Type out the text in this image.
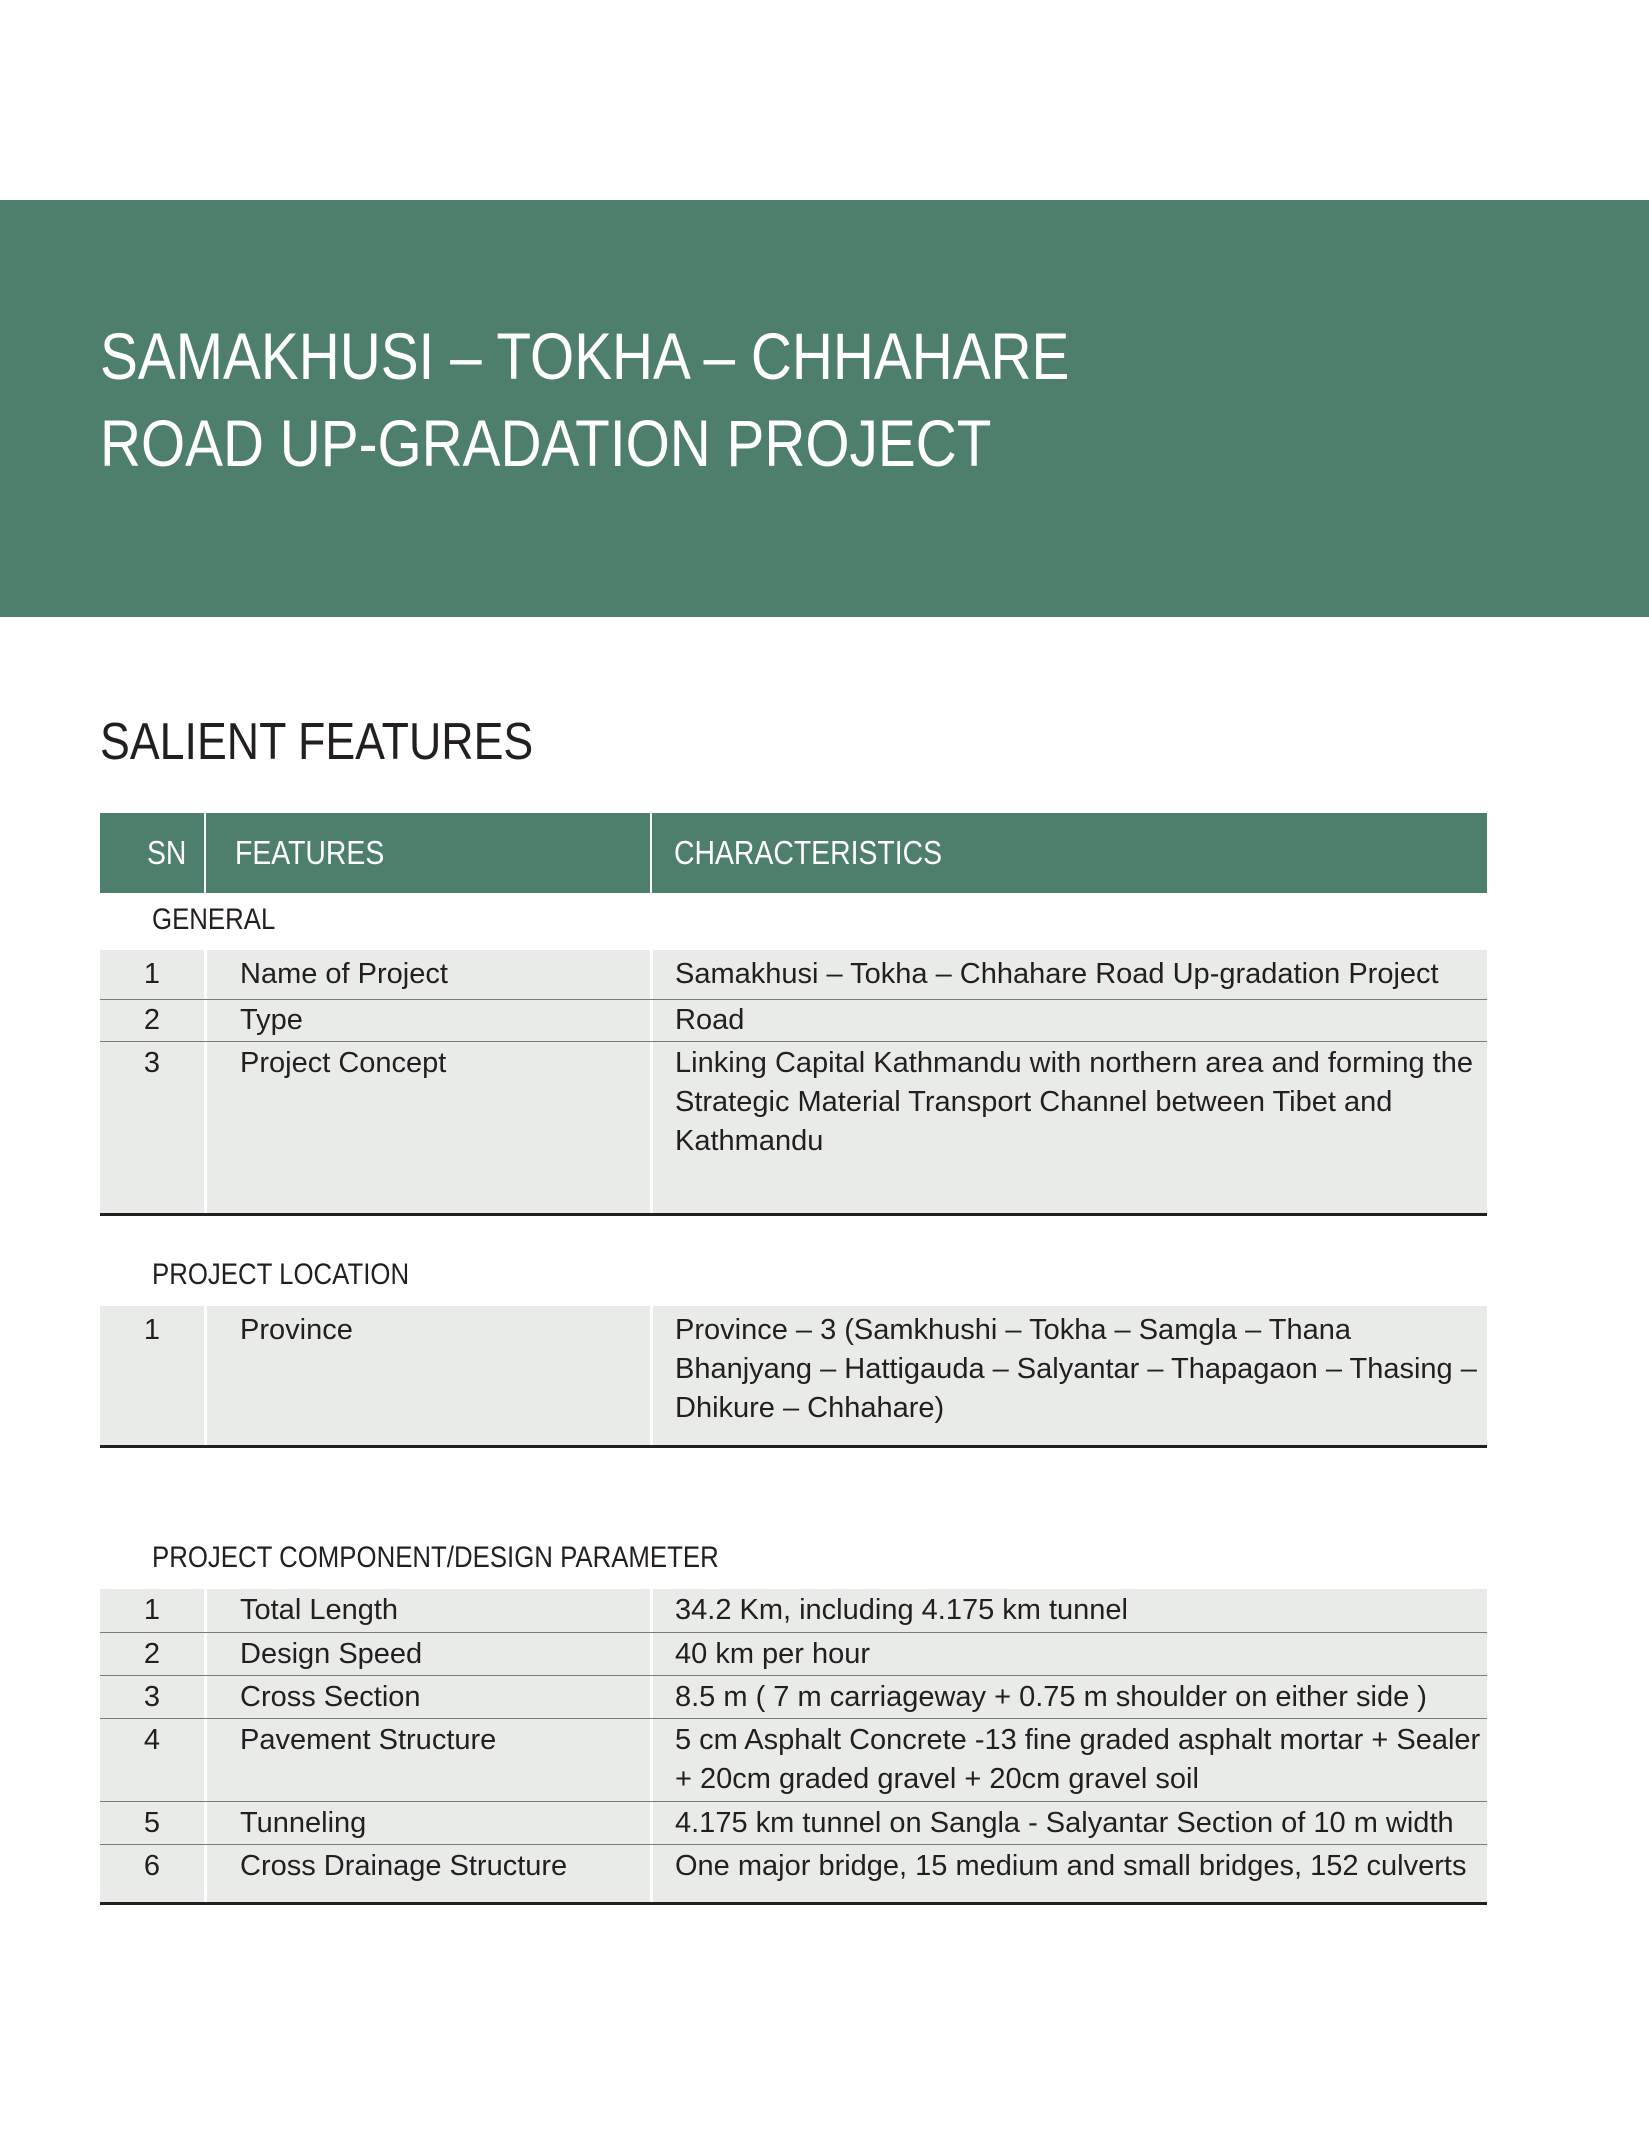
SAMAKHUSI – TOKHA – CHHAHARE
ROAD UP-GRADATION PROJECT
SALIENT FEATURES
SN FEATURES	CHARACTERISTICS
GENERAL
1	Name of Project	Samakhusi – Tokha – Chhahare Road Up-gradation Project
2	Type	Road
3	Project Concept	Linking Capital Kathmandu with northern area and forming the Strategic Material Transport Channel between Tibet and Kathmandu
PROJECT LOCATION
1	Province	Province – 3 (Samkhushi – Tokha – Samgla – Thana Bhanjyang – Hattigauda – Salyantar – Thapagaon – Thasing – Dhikure – Chhahare)
PROJECT COMPONENT/DESIGN PARAMETER
1	Total Length	34.2 Km, including 4.175 km tunnel
2	Design Speed	40 km per hour
3	Cross Section	8.5 m ( 7 m carriageway + 0.75 m shoulder on either side )
4	Pavement Structure	5 cm Asphalt Concrete -13 fine graded asphalt mortar + Sealer + 20cm graded gravel + 20cm gravel soil
5	Tunneling	4.175 km tunnel on Sangla - Salyantar Section of 10 m width
6	Cross Drainage Structure	One major bridge, 15 medium and small bridges, 152 culverts
